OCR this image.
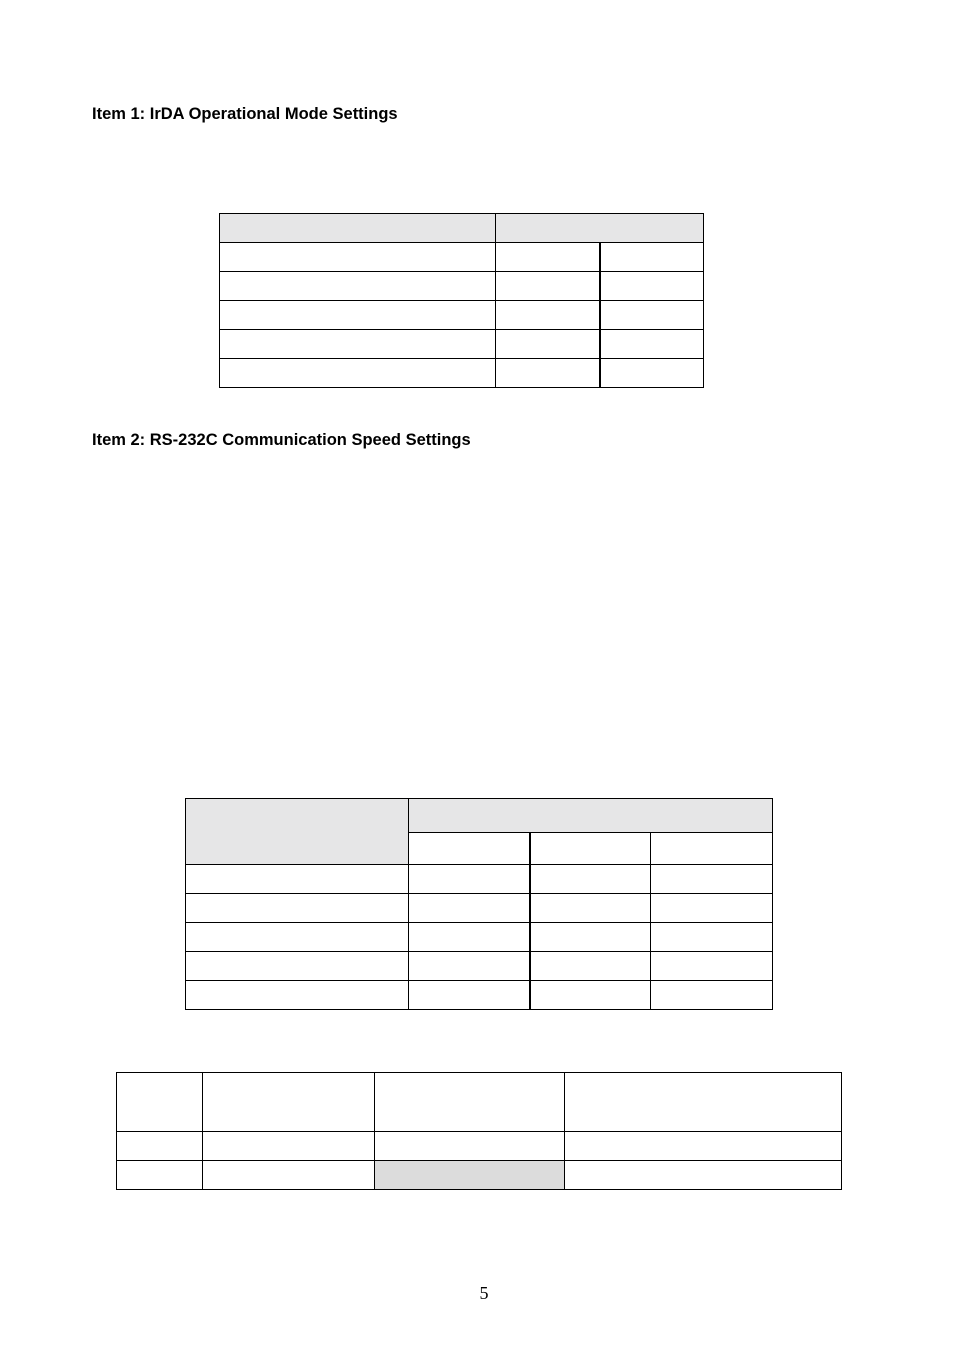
Item 1: IrDA Operational Mode Settings

Item 2: RS-232C Communication Speed Settings

5
